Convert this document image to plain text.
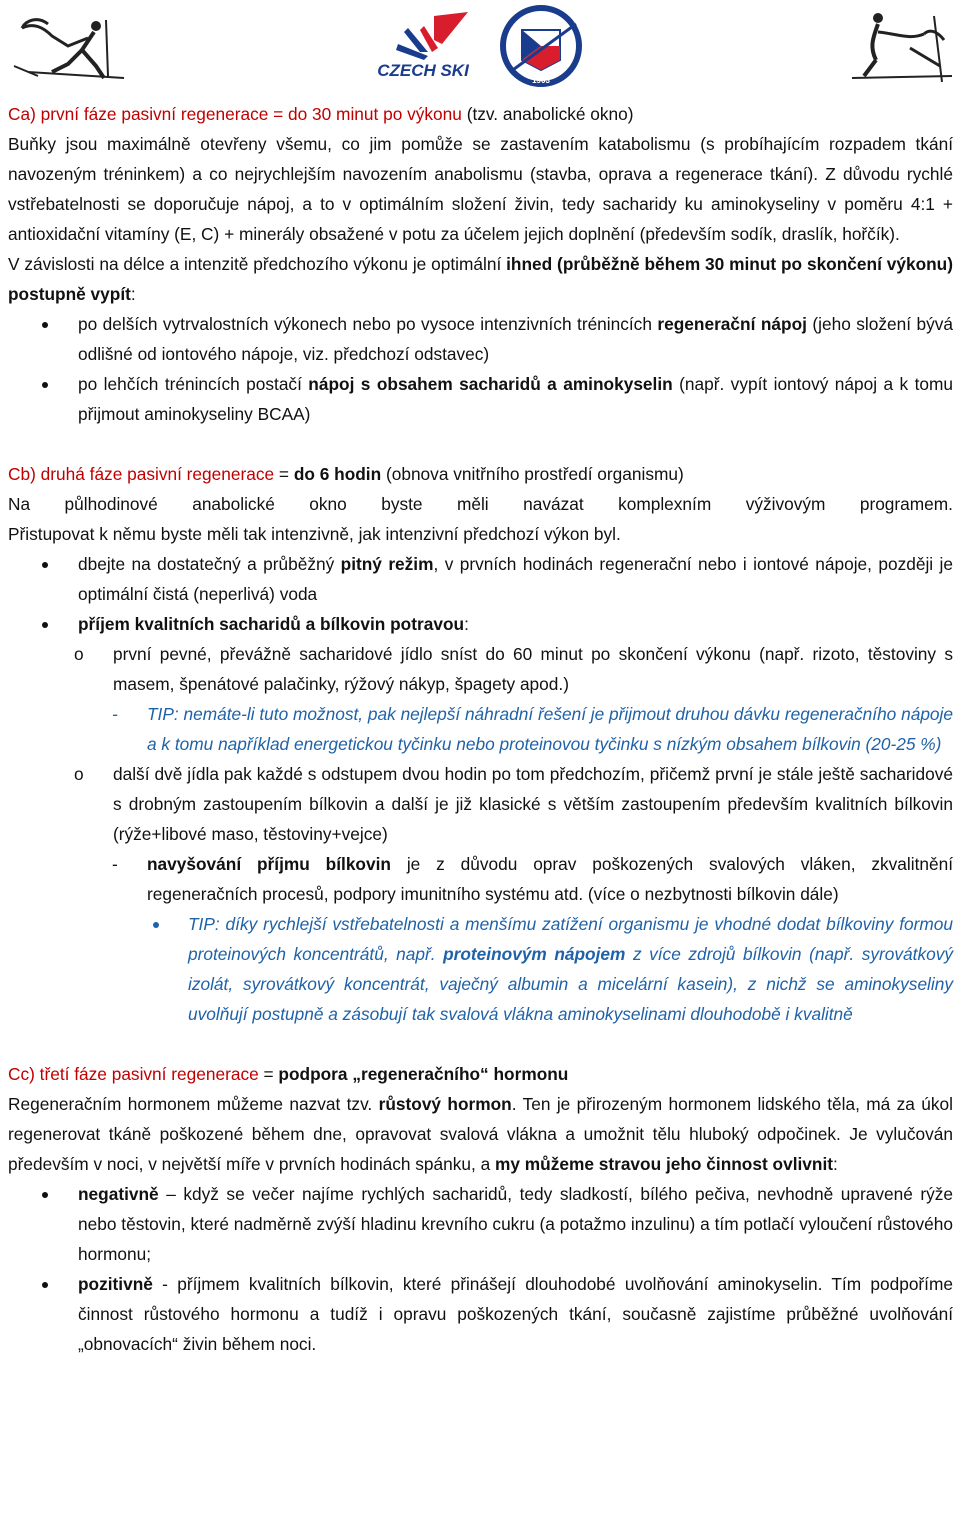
CZECH SKI
1903

Ca) první fáze pasivní regenerace = do 30 minut po výkonu (tzv. anabolické okno)

Buňky jsou maximálně otevřeny všemu, co jim pomůže se zastavením katabolismu (s probíhajícím rozpadem tkání navozeným tréninkem) a co nejrychlejším navozením anabolismu (stavba, oprava a regenerace tkání). Z důvodu rychlé vstřebatelnosti se doporučuje nápoj, a to v optimálním složení živin, tedy sacharidy ku aminokyseliny v poměru 4:1 + antioxidační vitamíny (E, C) + minerály obsažené v potu za účelem jejich doplnění (především sodík, draslík, hořčík).

V závislosti na délce a intenzitě předchozího výkonu je optimální ihned (průběžně během 30 minut po skončení výkonu) postupně vypít:

po delších vytrvalostních výkonech nebo po vysoce intenzivních trénincích regenerační nápoj (jeho složení bývá odlišné od iontového nápoje, viz. předchozí odstavec)
po lehčích trénincích postačí nápoj s obsahem sacharidů a aminokyselin (např. vypít iontový nápoj a k tomu přijmout aminokyseliny BCAA)

Cb) druhá fáze pasivní regenerace = do 6 hodin (obnova vnitřního prostředí organismu)

Na půlhodinové anabolické okno byste měli navázat komplexním výživovým programem.

Přistupovat k němu byste měli tak intenzivně, jak intenzivní předchozí výkon byl.

dbejte na dostatečný a průběžný pitný režim, v prvních hodinách regenerační nebo i iontové nápoje, později je optimální čistá (neperlivá) voda
příjem kvalitních sacharidů a bílkovin potravou:
o první pevné, převážně sacharidové jídlo sníst do 60 minut po skončení výkonu (např. rizoto, těstoviny s masem, špenátové palačinky, rýžový nákyp, špagety apod.)
- TIP: nemáte-li tuto možnost, pak nejlepší náhradní řešení je přijmout druhou dávku regeneračního nápoje a k tomu například energetickou tyčinku nebo proteinovou tyčinku s nízkým obsahem bílkovin (20-25 %)
o další dvě jídla pak každé s odstupem dvou hodin po tom předchozím, přičemž první je stále ještě sacharidové s drobným zastoupením bílkovin a další je již klasické s větším zastoupením především kvalitních bílkovin (rýže+libové maso, těstoviny+vejce)
- navyšování příjmu bílkovin je z důvodu oprav poškozených svalových vláken, zkvalitnění regeneračních procesů, podpory imunitního systému atd. (více o nezbytnosti bílkovin dále)
TIP: díky rychlejší vstřebatelnosti a menšímu zatížení organismu je vhodné dodat bílkoviny formou proteinových koncentrátů, např. proteinovým nápojem z více zdrojů bílkovin (např. syrovátkový izolát, syrovátkový koncentrát, vaječný albumin a micelární kasein), z nichž se aminokyseliny uvolňují postupně a zásobují tak svalová vlákna aminokyselinami dlouhodobě i kvalitně

Cc) třetí fáze pasivní regenerace = podpora „regeneračního“ hormonu

Regeneračním hormonem můžeme nazvat tzv. růstový hormon. Ten je přirozeným hormonem lidského těla, má za úkol regenerovat tkáně poškozené během dne, opravovat svalová vlákna a umožnit tělu hluboký odpočinek. Je vylučován především v noci, v největší míře v prvních hodinách spánku, a my můžeme stravou jeho činnost ovlivnit:

negativně – když se večer najíme rychlých sacharidů, tedy sladkostí, bílého pečiva, nevhodně upravené rýže nebo těstovin, které nadměrně zvýší hladinu krevního cukru (a potažmo inzulinu) a tím potlačí vyloučení růstového hormonu;
pozitivně - příjmem kvalitních bílkovin, které přinášejí dlouhodobé uvolňování aminokyselin. Tím podpoříme činnost růstového hormonu a tudíž i opravu poškozených tkání, současně zajistíme průběžné uvolňování „obnovacích“ živin během noci.
